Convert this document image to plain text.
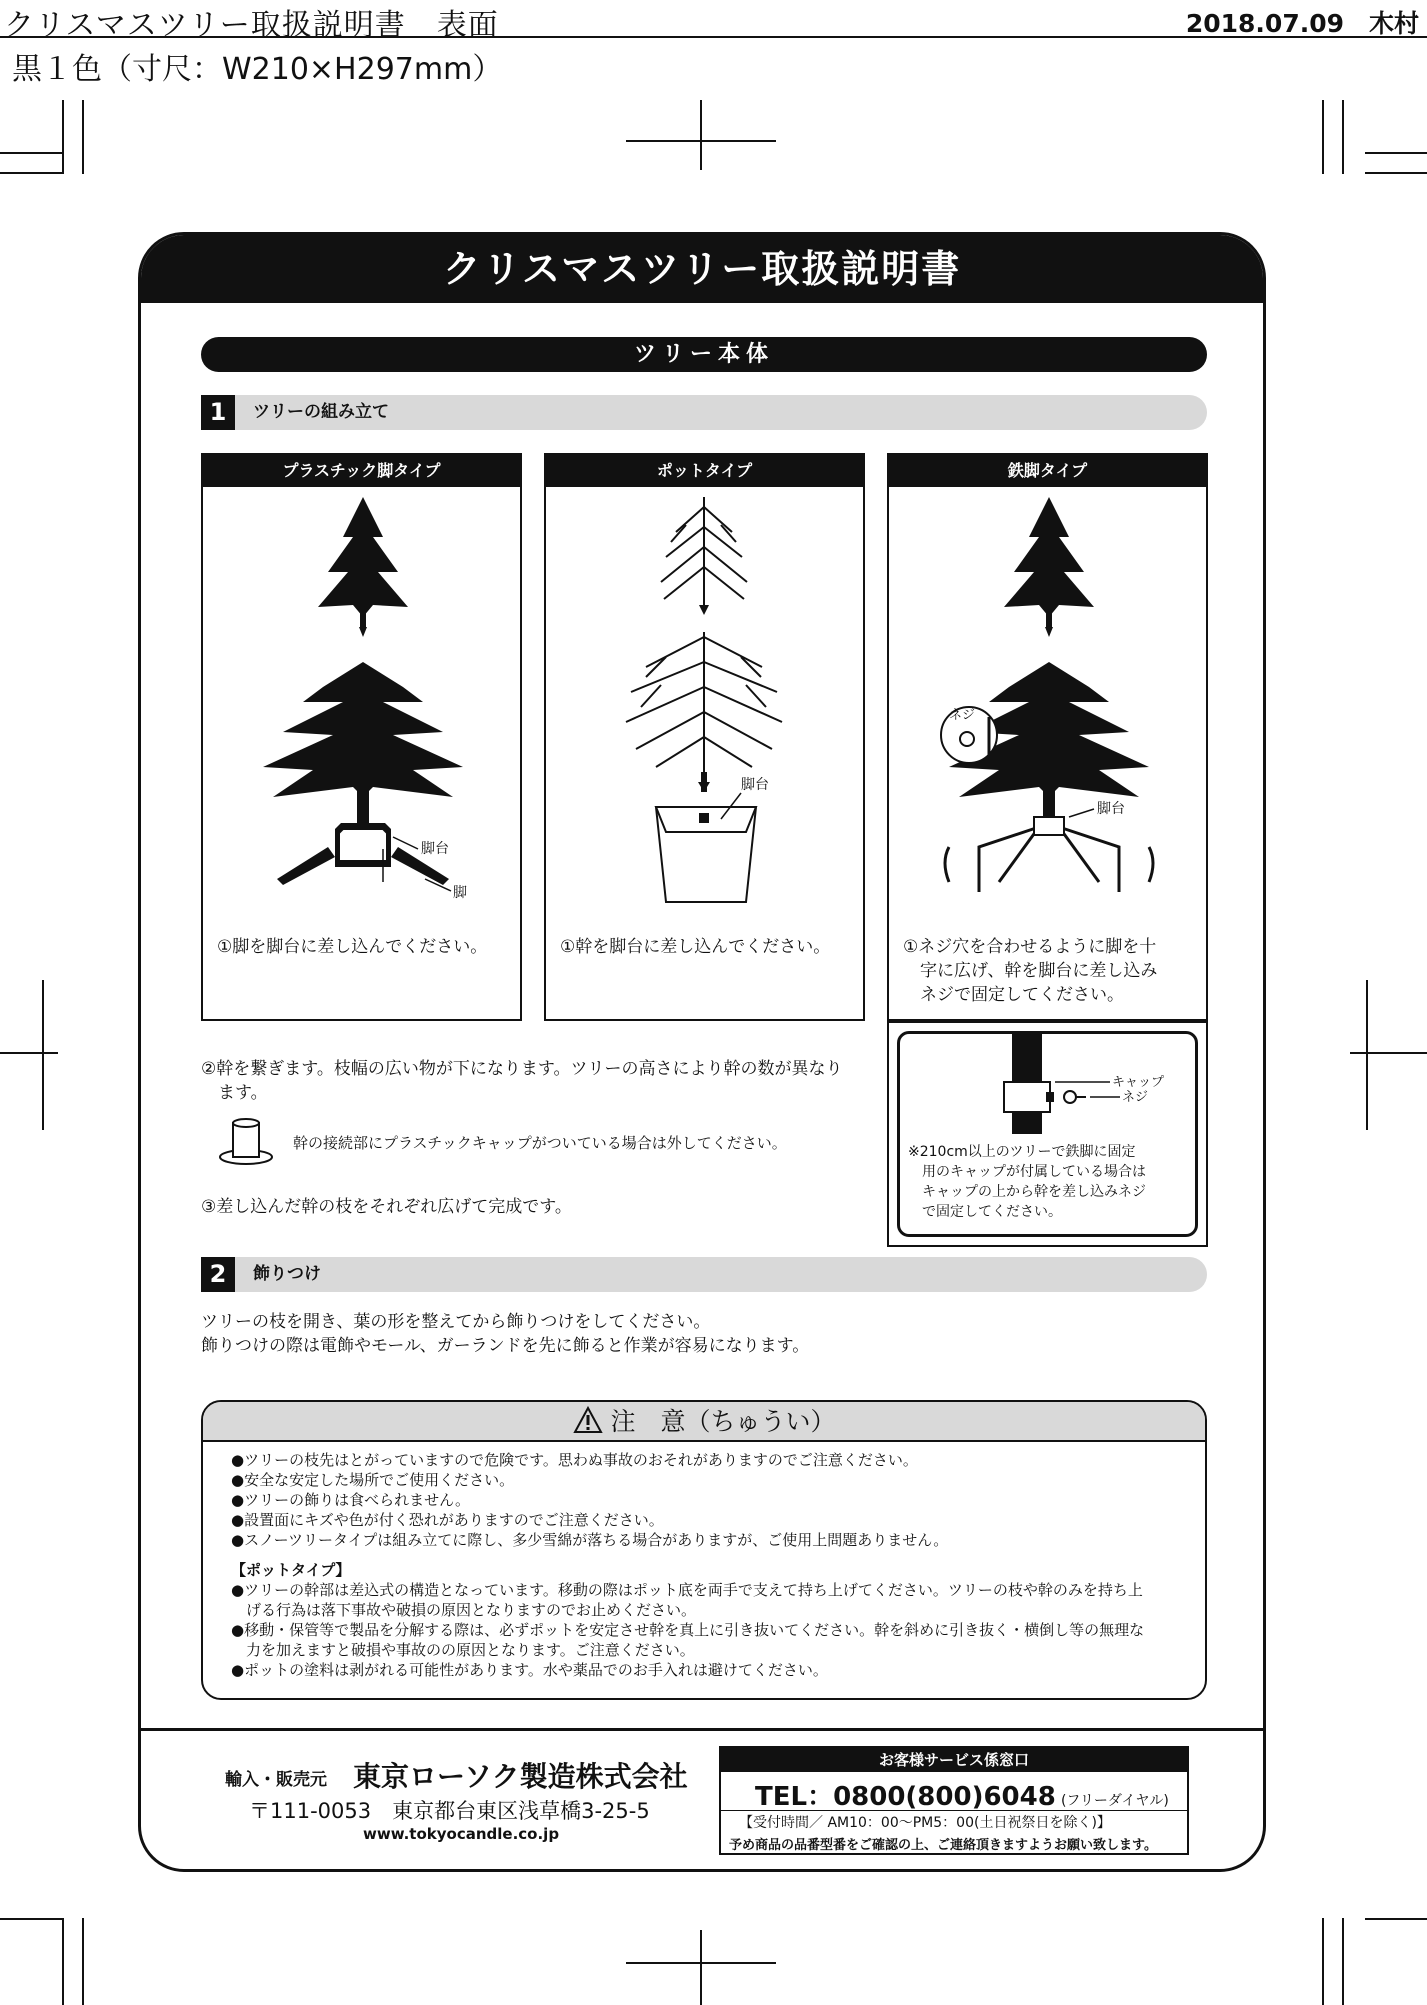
クリスマスツリー取扱説明書　表面	2018.07.09　木村
黒１色（寸尺：W210×H297mm）
クリスマスツリー取扱説明書
ツリー本体
1	ツリーの組み立て
プラスチック脚タイプ
脚台
脚
①脚を脚台に差し込んでください。
ポットタイプ
脚台
①幹を脚台に差し込んでください。
鉄脚タイプ
ネジ
脚台
①ネジ穴を合わせるように脚を十
　字に広げ、幹を脚台に差し込み
　ネジで固定してください。
②幹を繋ぎます。枝幅の広い物が下になります。ツリーの高さにより幹の数が異なり
　ます。
幹の接続部にプラスチックキャップがついている場合は外してください。
③差し込んだ幹の枝をそれぞれ広げて完成です。
キャップ
ネジ
※210cm以上のツリーで鉄脚に固定
　用のキャップが付属している場合は
　キャップの上から幹を差し込みネジ
　で固定してください。
2	飾りつけ
ツリーの枝を開き、葉の形を整えてから飾りつけをしてください。
飾りつけの際は電飾やモール、ガーランドを先に飾ると作業が容易になります。
注　意（ちゅうい）
●ツリーの枝先はとがっていますので危険です。思わぬ事故のおそれがありますのでご注意ください。
●安全な安定した場所でご使用ください。
●ツリーの飾りは食べられません。
●設置面にキズや色が付く恐れがありますのでご注意ください。
●スノーツリータイプは組み立てに際し、多少雪綿が落ちる場合がありますが、ご使用上問題ありません。
【ポットタイプ】
●ツリーの幹部は差込式の構造となっています。移動の際はポット底を両手で支えて持ち上げてください。ツリーの枝や幹のみを持ち上
　げる行為は落下事故や破損の原因となりますのでお止めください。
●移動・保管等で製品を分解する際は、必ずポットを安定させ幹を真上に引き抜いてください。幹を斜めに引き抜く・横倒し等の無理な
　力を加えますと破損や事故のの原因となります。ご注意ください。
●ポットの塗料は剥がれる可能性があります。水や薬品でのお手入れは避けてください。
輸入・販売元 東京ローソク製造株式会社
〒111-0053　東京都台東区浅草橋3-25-5
www.tokyocandle.co.jp
お客様サービス係窓口
TEL：0800(800)6048 (フリーダイヤル)
【受付時間／ AM10：00〜PM5：00(土日祝祭日を除く)】
予め商品の品番型番をご確認の上、ご連絡頂きますようお願い致します。
